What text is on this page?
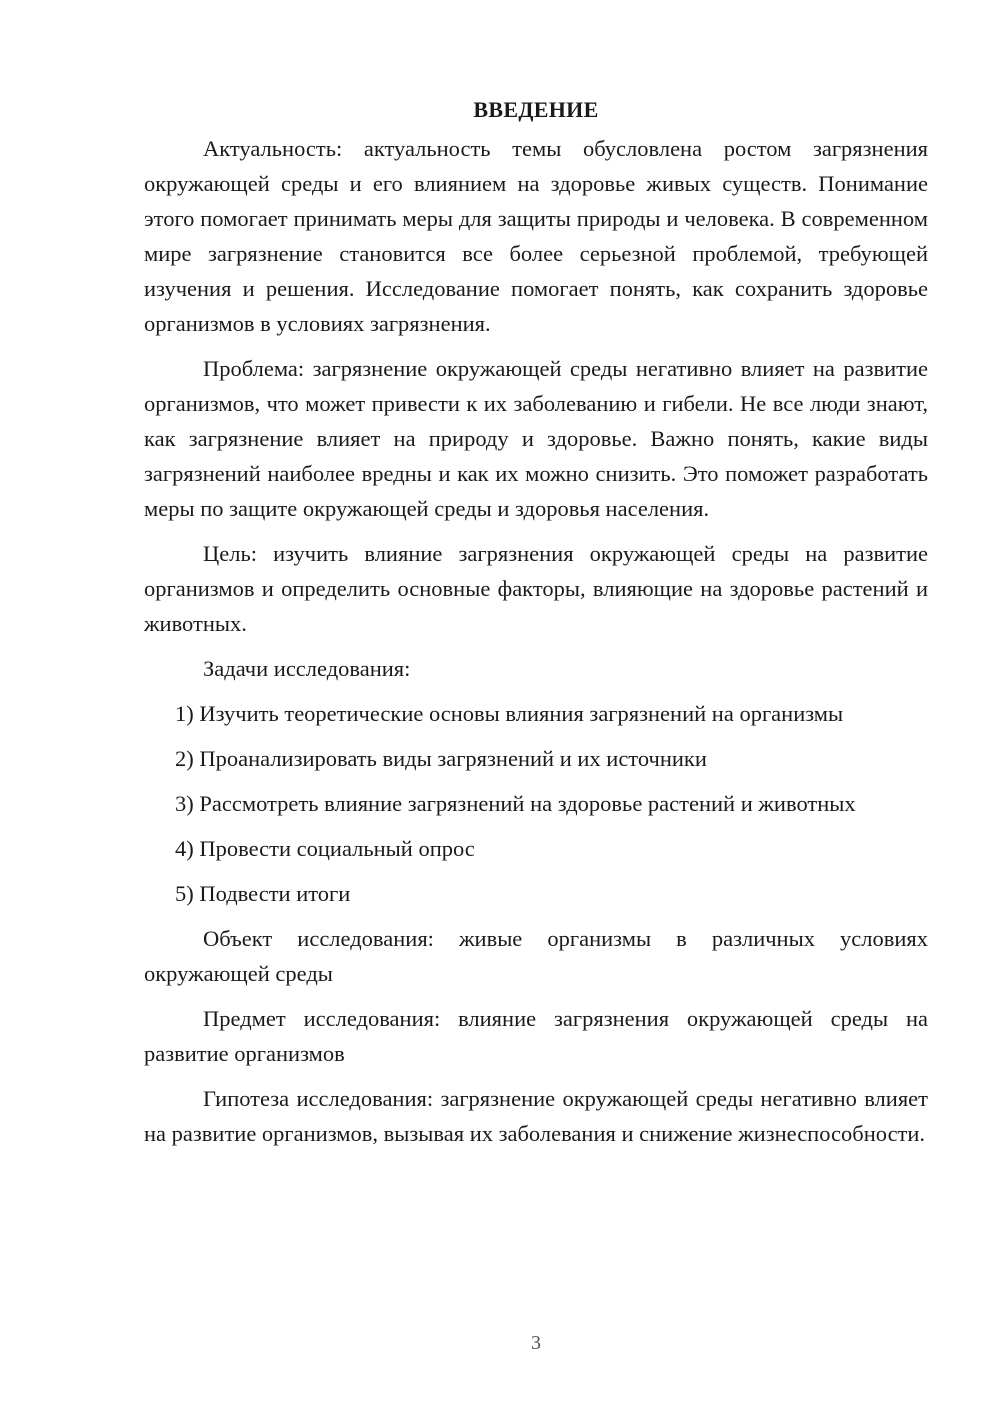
ВВЕДЕНИЕ

Актуальность: актуальность темы обусловлена ростом загрязнения окружающей среды и его влиянием на здоровье живых существ. Понимание этого помогает принимать меры для защиты природы и человека. В современном мире загрязнение становится все более серьезной проблемой, требующей изучения и решения. Исследование помогает понять, как сохранить здоровье организмов в условиях загрязнения.

Проблема: загрязнение окружающей среды негативно влияет на развитие организмов, что может привести к их заболеванию и гибели. Не все люди знают, как загрязнение влияет на природу и здоровье. Важно понять, какие виды загрязнений наиболее вредны и как их можно снизить. Это поможет разработать меры по защите окружающей среды и здоровья населения.

Цель: изучить влияние загрязнения окружающей среды на развитие организмов и определить основные факторы, влияющие на здоровье растений и животных.

Задачи исследования:

1) Изучить теоретические основы влияния загрязнений на организмы
2) Проанализировать виды загрязнений и их источники
3) Рассмотреть влияние загрязнений на здоровье растений и животных
4) Провести социальный опрос
5) Подвести итоги

Объект исследования: живые организмы в различных условиях окружающей среды

Предмет исследования: влияние загрязнения окружающей среды на развитие организмов

Гипотеза исследования: загрязнение окружающей среды негативно влияет на развитие организмов, вызывая их заболевания и снижение жизнеспособности.

3
